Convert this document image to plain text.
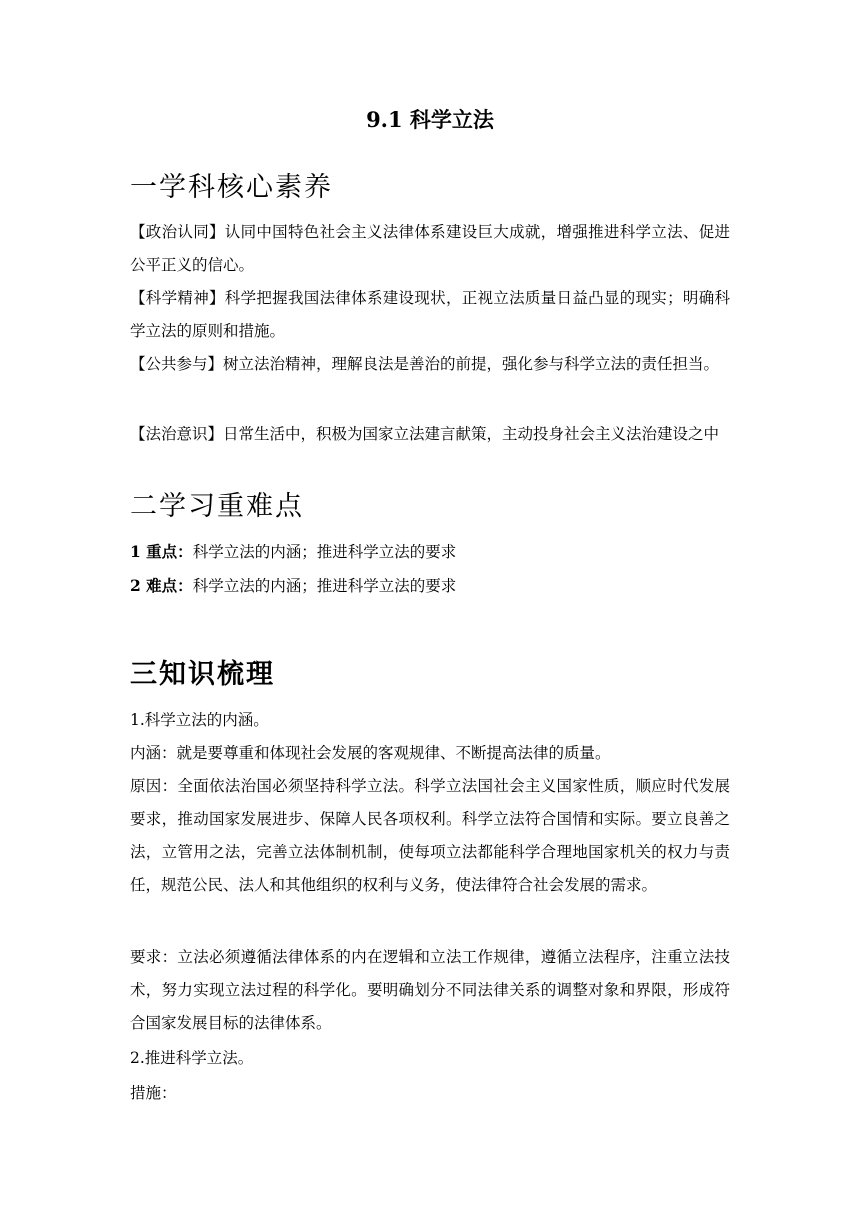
9.1 科学立法
一学科核心素养
【政治认同】认同中国特色社会主义法律体系建设巨大成就，增强推进科学立法、促进公平正义的信心。
【科学精神】科学把握我国法律体系建设现状，正视立法质量日益凸显的现实；明确科学立法的原则和措施。
【公共参与】树立法治精神，理解良法是善治的前提，强化参与科学立法的责任担当。
【法治意识】日常生活中，积极为国家立法建言献策，主动投身社会主义法治建设之中
二学习重难点
1 重点：科学立法的内涵；推进科学立法的要求
2 难点：科学立法的内涵；推进科学立法的要求
三知识梳理
1.科学立法的内涵。
内涵：就是要尊重和体现社会发展的客观规律、不断提高法律的质量。
原因：全面依法治国必须坚持科学立法。科学立法国社会主义国家性质，顺应时代发展要求，推动国家发展进步、保障人民各项权利。科学立法符合国情和实际。要立良善之法，立管用之法，完善立法体制机制，使每项立法都能科学合理地国家机关的权力与责任，规范公民、法人和其他组织的权利与义务，使法律符合社会发展的需求。
要求：立法必须遵循法律体系的内在逻辑和立法工作规律，遵循立法程序，注重立法技术，努力实现立法过程的科学化。要明确划分不同法律关系的调整对象和界限，形成符合国家发展目标的法律体系。
2.推进科学立法。
措施：
